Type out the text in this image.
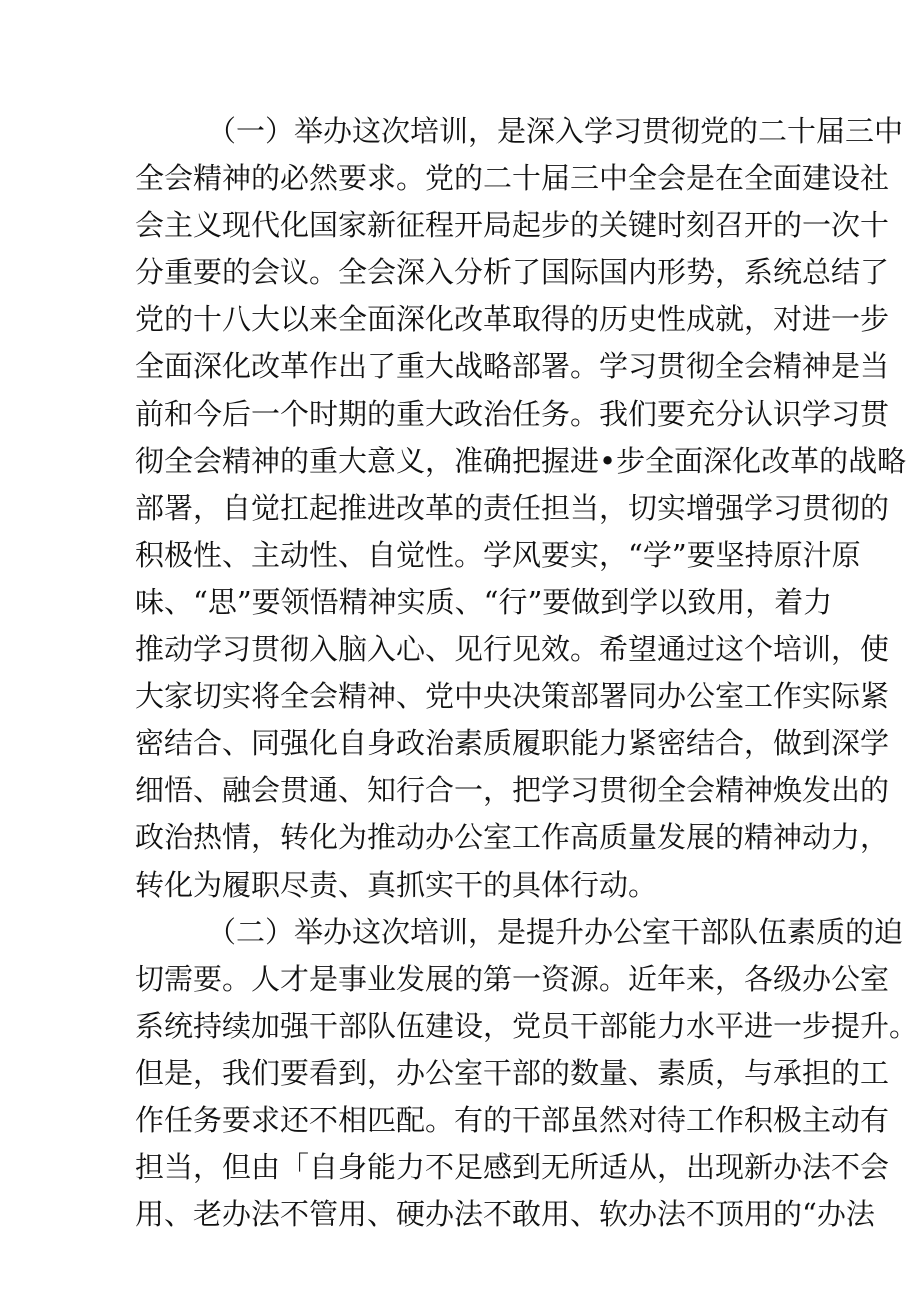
（一）举办这次培训，是深入学习贯彻党的二十届三中
全会精神的必然要求。党的二十届三中全会是在全面建设社
会主义现代化国家新征程开局起步的关键时刻召开的一次十
分重要的会议。全会深入分析了国际国内形势，系统总结了
党的十八大以来全面深化改革取得的历史性成就，对进一步
全面深化改革作出了重大战略部署。学习贯彻全会精神是当
前和今后一个时期的重大政治任务。我们要充分认识学习贯
彻全会精神的重大意义，准确把握进•步全面深化改革的战略
部署，自觉扛起推进改革的责任担当，切实增强学习贯彻的
积极性、主动性、自觉性。学风要实，“学”要坚持原汁原
味、“思”要领悟精神实质、“行”要做到学以致用，着力
推动学习贯彻入脑入心、见行见效。希望通过这个培训，使
大家切实将全会精神、党中央决策部署同办公室工作实际紧
密结合、同强化自身政治素质履职能力紧密结合，做到深学
细悟、融会贯通、知行合一，把学习贯彻全会精神焕发出的
政治热情，转化为推动办公室工作高质量发展的精神动力，
转化为履职尽责、真抓实干的具体行动。
（二）举办这次培训，是提升办公室干部队伍素质的迫
切需要。人才是事业发展的第一资源。近年来，各级办公室
系统持续加强干部队伍建设，党员干部能力水平进一步提升。
但是，我们要看到，办公室干部的数量、素质，与承担的工
作任务要求还不相匹配。有的干部虽然对待工作积极主动有
担当，但由「自身能力不足感到无所适从，出现新办法不会
用、老办法不管用、硬办法不敢用、软办法不顶用的“办法
